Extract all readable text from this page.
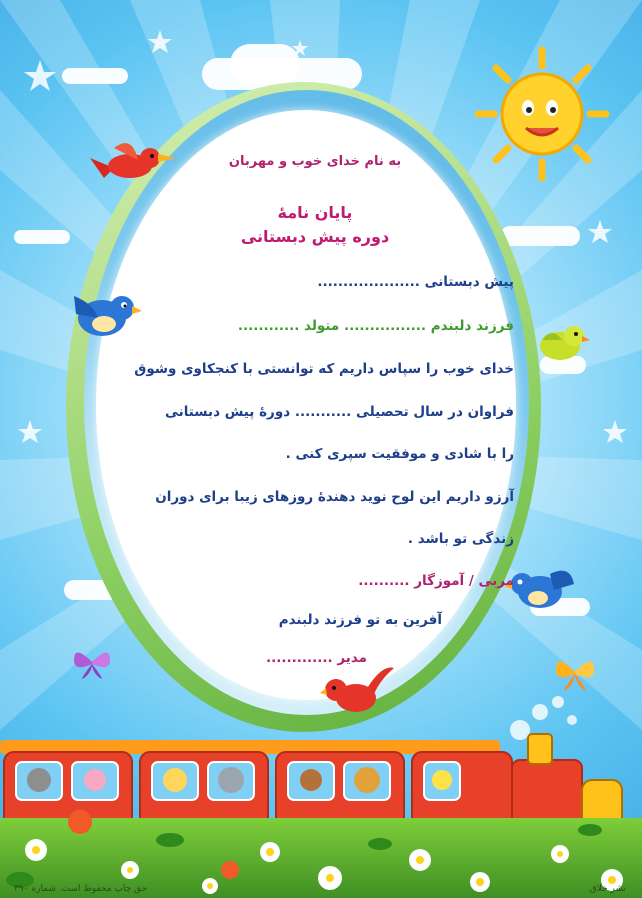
به نام خدای خوب و مهربان
پایان نامهٔ
دوره پیش دبستانی
پیش دبستانی ....................
فرزند دلبندم ................ متولد ............
خدای خوب را سپاس داریم که توانستی با کنجکاوی وشوق
فراوان در سال تحصیلی ........... دورهٔ پیش دبستانی
را با شادی و موفقیت سپری کنی .
آرزو داریم این لوح نوید دهندهٔ روزهای زیبا برای دوران
زندگی تو باشد .
مربی / آموزگار ..........
آفرین به تو فرزند دلبندم
مدیر .............
حق چاپ محفوظ است. شماره ۳۹۰	نشر خلاق
